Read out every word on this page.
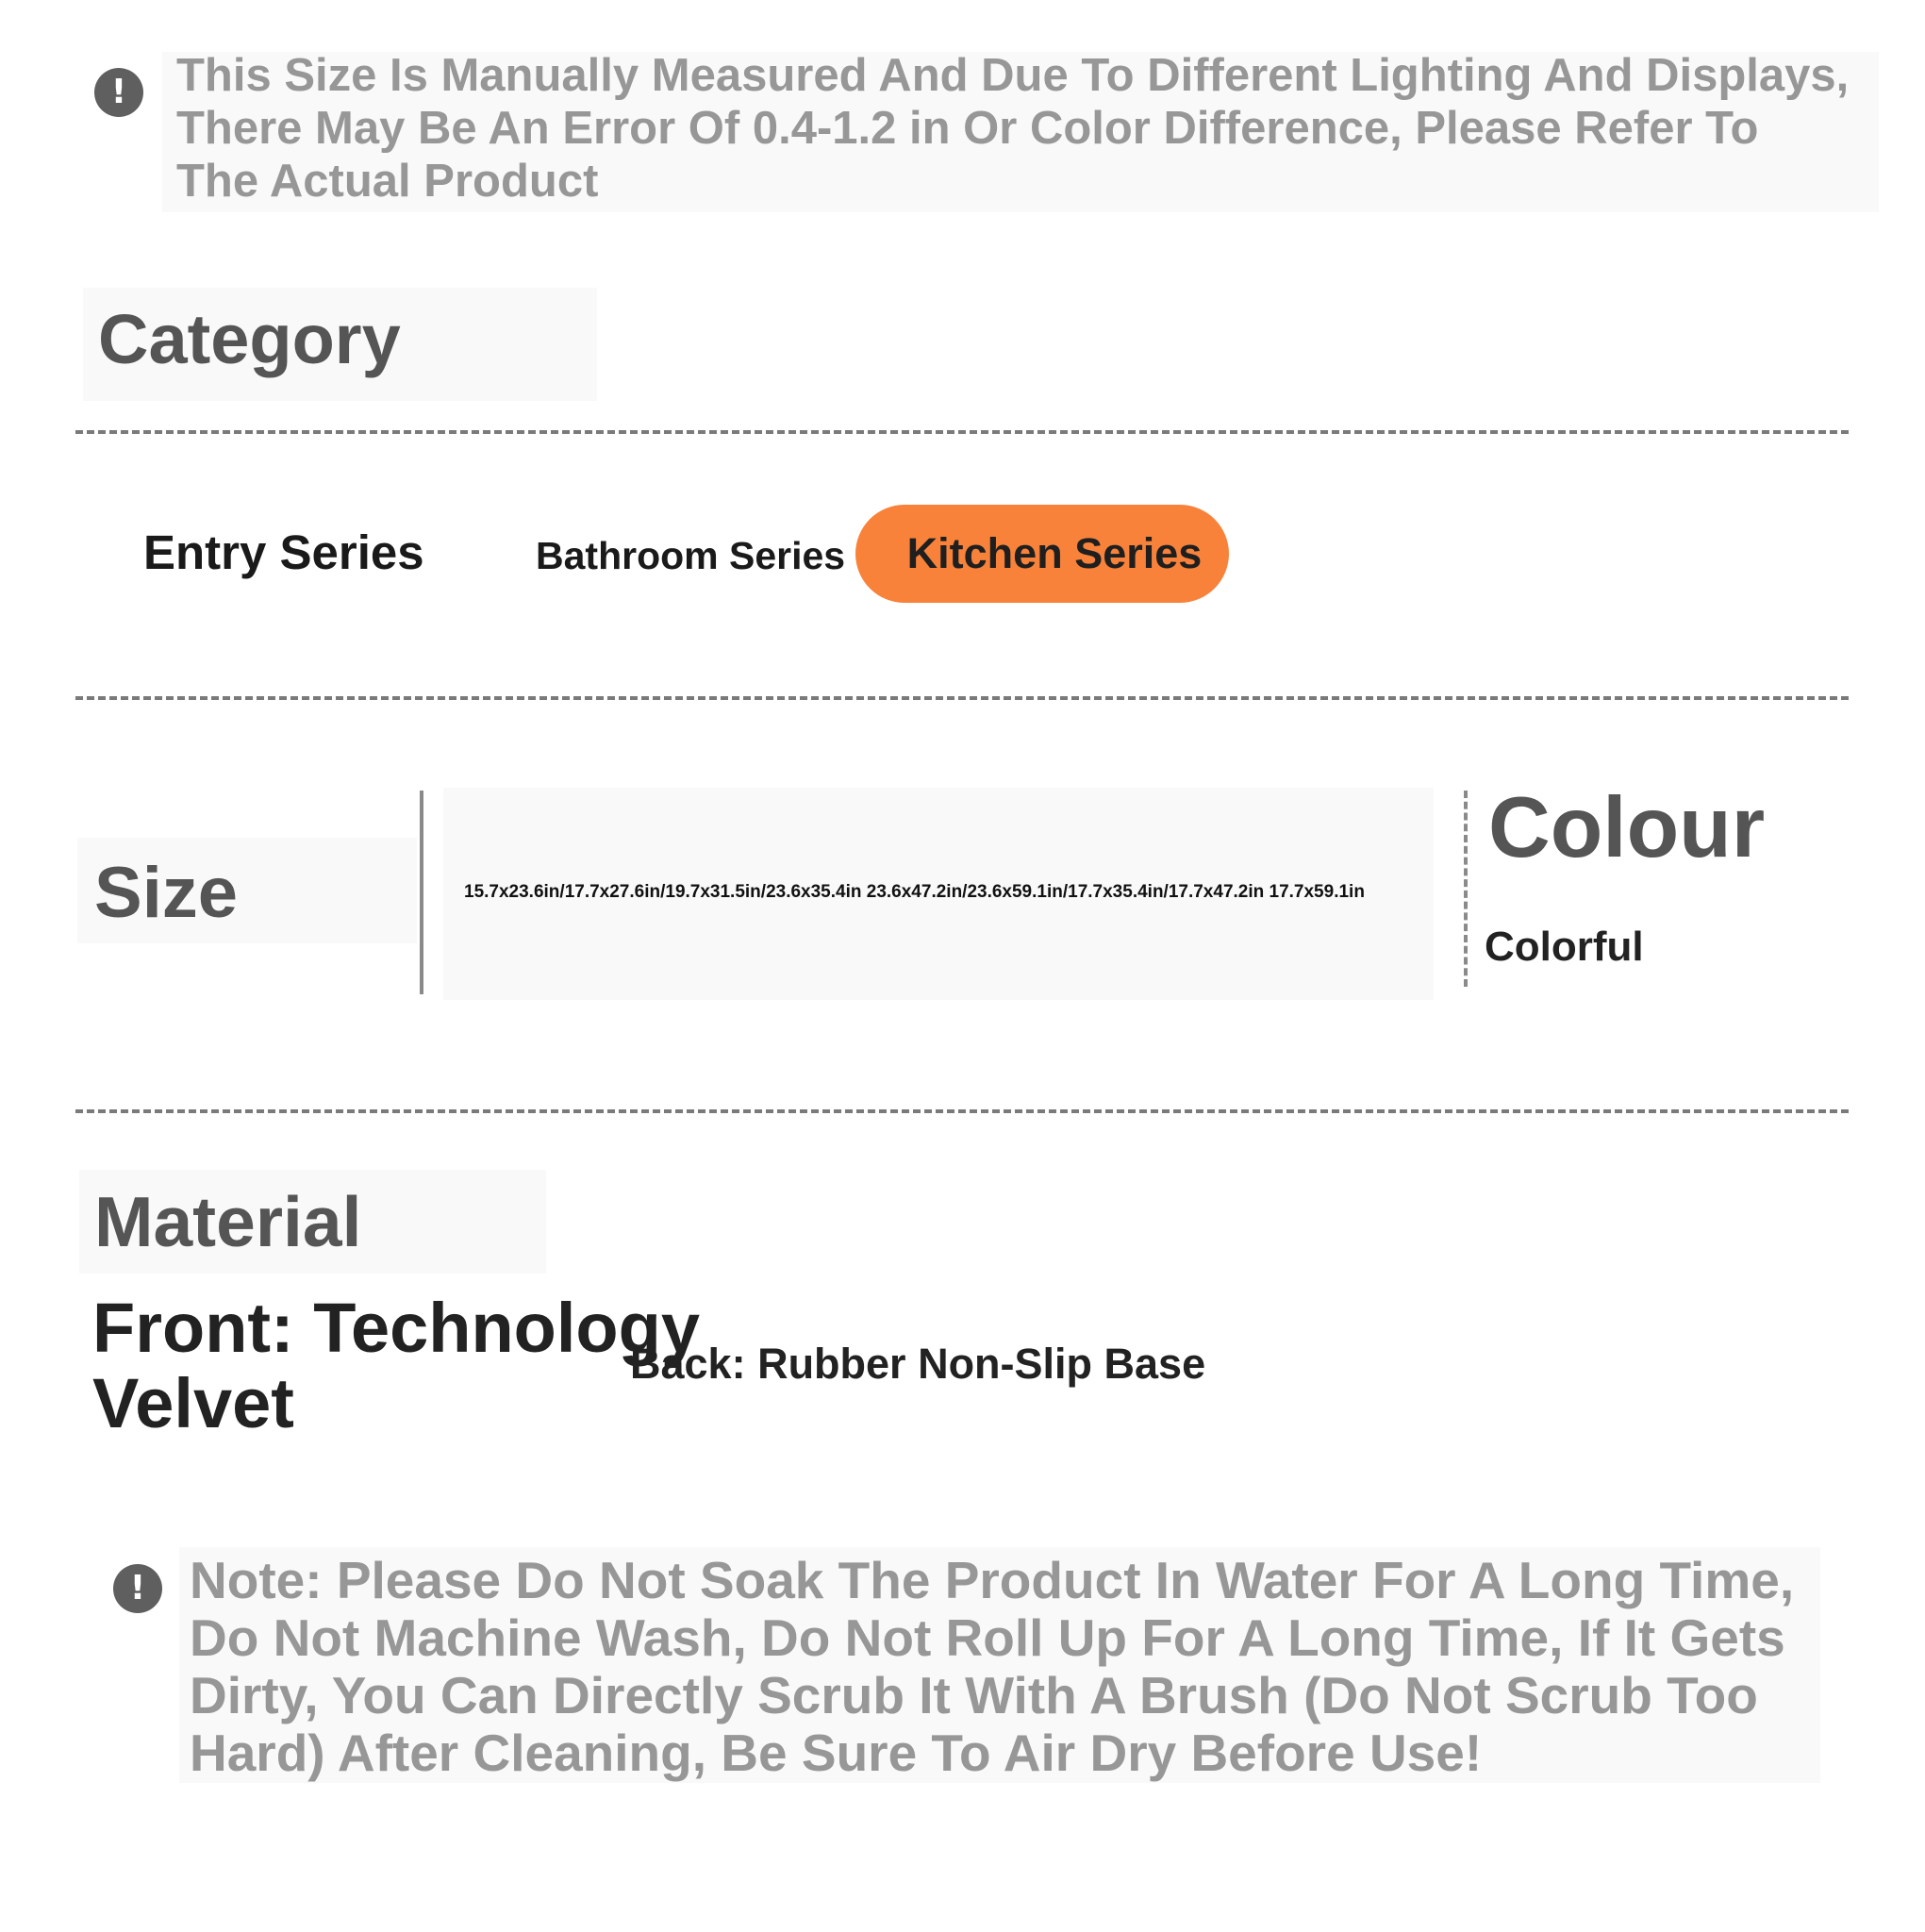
!	This Size Is Manually Measured And Due To Different Lighting And Displays,
There May Be An Error Of 0.4-1.2 in Or Color Difference, Please Refer To
The Actual Product
Category
Entry Series	Bathroom Series	Kitchen Series
Size	15.7x23.6in/17.7x27.6in/19.7x31.5in/23.6x35.4in 23.6x47.2in/23.6x59.1in/17.7x35.4in/17.7x47.2in 17.7x59.1in
Colour
Colorful
Material
Front: Technology
Velvet
Back: Rubber Non-Slip Base
! Note: Please Do Not Soak The Product In Water For A Long Time,
Do Not Machine Wash, Do Not Roll Up For A Long Time, If It Gets
Dirty, You Can Directly Scrub It With A Brush (Do Not Scrub Too
Hard) After Cleaning, Be Sure To Air Dry Before Use!
